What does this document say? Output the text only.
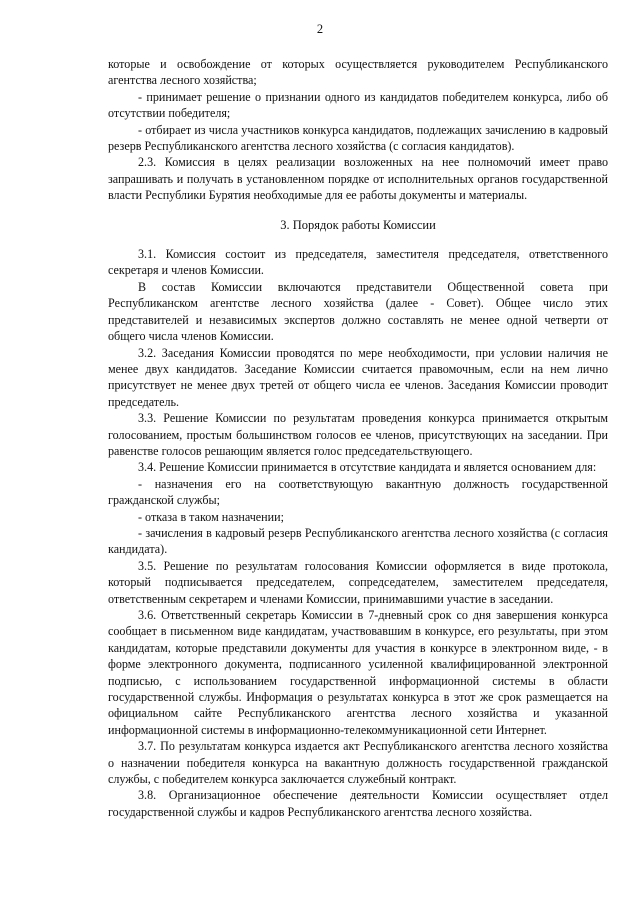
2

которые и освобождение от которых осуществляется руководителем Республиканского агентства лесного хозяйства;

- принимает решение о признании одного из кандидатов победителем конкурса, либо об отсутствии победителя;

- отбирает из числа участников конкурса кандидатов, подлежащих зачислению в кадровый резерв Республиканского агентства лесного хозяйства (с согласия кандидатов).

2.3. Комиссия в целях реализации возложенных на нее полномочий имеет право запрашивать и получать в установленном порядке от исполнительных органов государственной власти Республики Бурятия необходимые для ее работы документы и материалы.

3. Порядок работы Комиссии

3.1. Комиссия состоит из председателя, заместителя председателя, ответственного секретаря и членов Комиссии.

В состав Комиссии включаются представители Общественной совета при Республиканском агентстве лесного хозяйства (далее - Совет). Общее число этих представителей и независимых экспертов должно составлять не менее одной четверти от общего числа членов Комиссии.

3.2. Заседания Комиссии проводятся по мере необходимости, при условии наличия не менее двух кандидатов. Заседание Комиссии считается правомочным, если на нем лично присутствует не менее двух третей от общего числа ее членов. Заседания Комиссии проводит председатель.

3.3. Решение Комиссии по результатам проведения конкурса принимается открытым голосованием, простым большинством голосов ее членов, присутствующих на заседании. При равенстве голосов решающим является голос председательствующего.

3.4. Решение Комиссии принимается в отсутствие кандидата и является основанием для:

- назначения его на соответствующую вакантную должность государственной гражданской службы;

- отказа в таком назначении;

- зачисления в кадровый резерв Республиканского агентства лесного хозяйства (с согласия кандидата).

3.5. Решение по результатам голосования Комиссии оформляется в виде протокола, который подписывается председателем, сопредседателем, заместителем председателя, ответственным секретарем и членами Комиссии, принимавшими участие в заседании.

3.6. Ответственный секретарь Комиссии в 7-дневный срок со дня завершения конкурса сообщает в письменном виде кандидатам, участвовавшим в конкурсе, его результаты, при этом кандидатам, которые представили документы для участия в конкурсе в электронном виде, - в форме электронного документа, подписанного усиленной квалифицированной электронной подписью, с использованием государственной информационной системы в области государственной службы. Информация о результатах конкурса в этот же срок размещается на официальном сайте Республиканского агентства лесного хозяйства и указанной информационной системы в информационно-телекоммуникационной сети Интернет.

3.7. По результатам конкурса издается акт Республиканского агентства лесного хозяйства о назначении победителя конкурса на вакантную должность государственной гражданской службы, с победителем конкурса заключается служебный контракт.

3.8. Организационное обеспечение деятельности Комиссии осуществляет отдел государственной службы и кадров Республиканского агентства лесного хозяйства.
